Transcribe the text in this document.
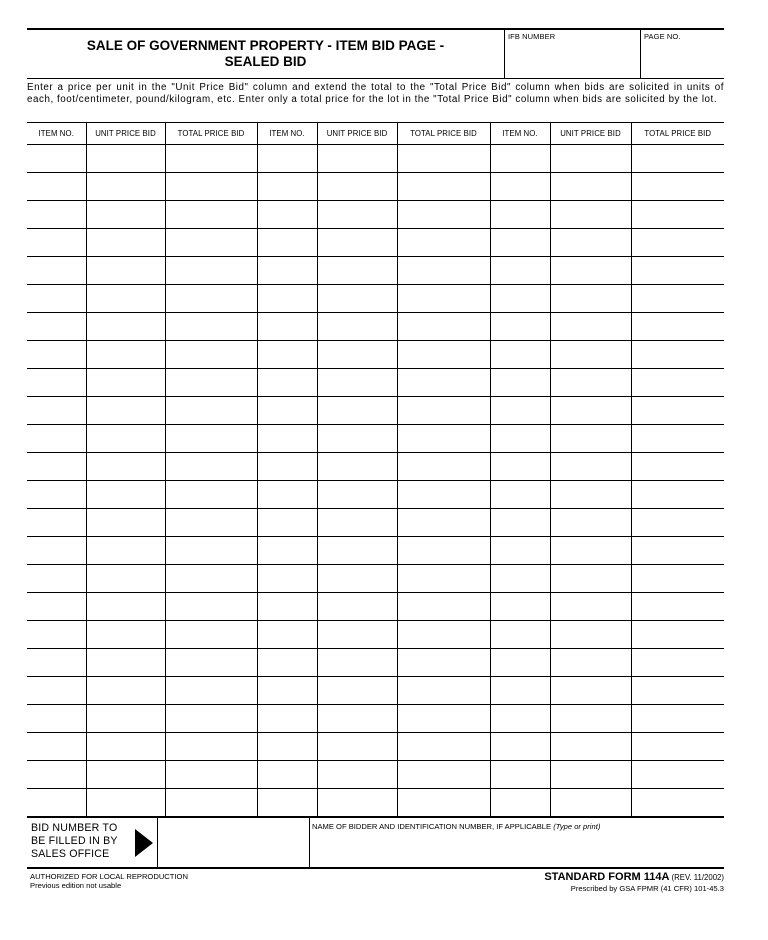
SALE OF GOVERNMENT PROPERTY - ITEM BID PAGE -
SEALED BID
IFB NUMBER	PAGE NO.
Enter a price per unit in the "Unit Price Bid" column and extend the total to the "Total Price Bid" column when bids are solicited in units of each, foot/centimeter, pound/kilogram, etc. Enter only a total price for the lot in the "Total Price Bid" column when bids are solicited by the lot.
ITEM NO.	UNIT PRICE BID	TOTAL PRICE BID	ITEM NO.	UNIT PRICE BID	TOTAL PRICE BID	ITEM NO.	UNIT PRICE BID	TOTAL PRICE BID

BID NUMBER TO
BE FILLED IN BY
SALES OFFICE
NAME OF BIDDER AND IDENTIFICATION NUMBER, IF APPLICABLE (Type or print)
AUTHORIZED FOR LOCAL REPRODUCTION
Previous edition not usable
STANDARD FORM 114A (REV. 11/2002)
Prescribed by GSA FPMR (41 CFR) 101-45.3
